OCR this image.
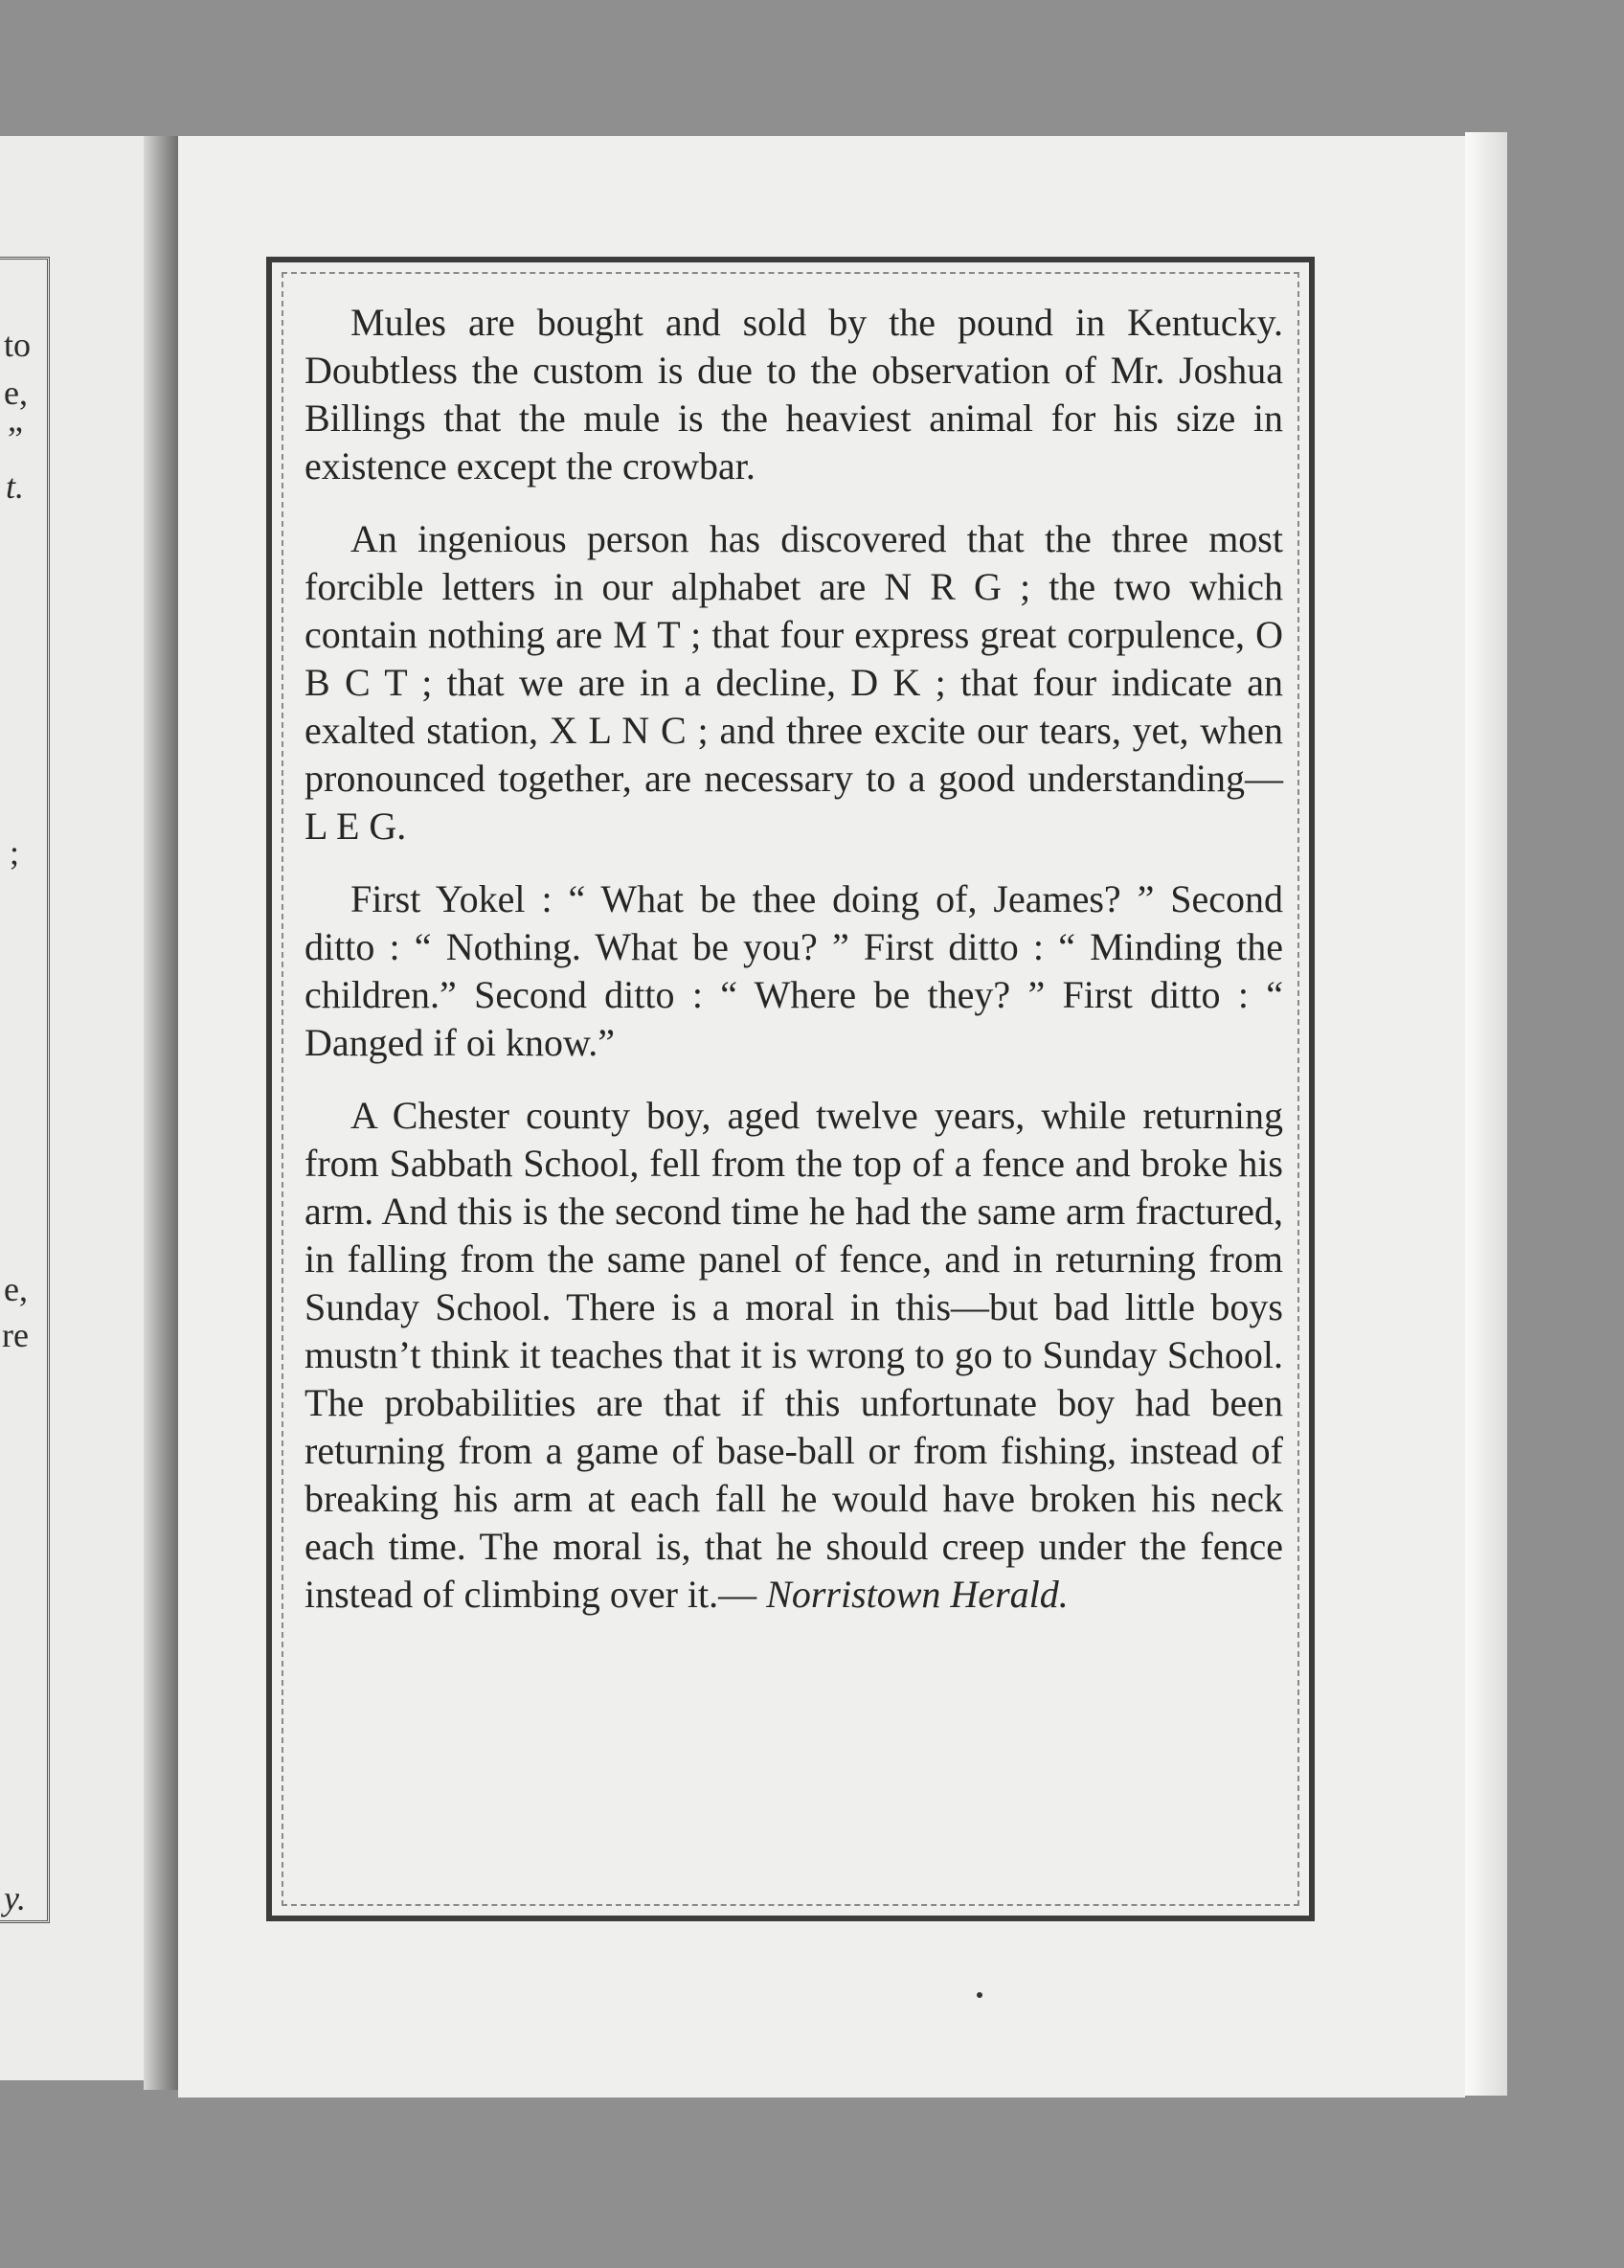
to
e,
”
t.
;
e,
re
y.

Mules are bought and sold by the pound in Kentucky. Doubtless the custom is due to the observation of Mr. Joshua Billings that the mule is the heaviest animal for his size in existence except the crowbar.

An ingenious person has discovered that the three most forcible letters in our alphabet are N R G ; the two which contain nothing are M T ; that four express great corpulence, O B C T ; that we are in a decline, D K ; that four indicate an exalted station, X L N C ; and three excite our tears, yet, when pronounced together, are necessary to a good understanding—L E G.

First Yokel : “ What be thee doing of, Jeames? ” Second ditto : “ Nothing. What be you? ” First ditto : “ Minding the children.” Second ditto : “ Where be they? ” First ditto : “ Danged if oi know.”

A Chester county boy, aged twelve years, while returning from Sabbath School, fell from the top of a fence and broke his arm. And this is the second time he had the same arm fractured, in falling from the same panel of fence, and in returning from Sunday School. There is a moral in this—but bad little boys mustn’t think it teaches that it is wrong to go to Sunday School. The probabilities are that if this unfortunate boy had been returning from a game of base-ball or from fishing, instead of breaking his arm at each fall he would have broken his neck each time. The moral is, that he should creep under the fence instead of climbing over it.— Norristown Herald.
